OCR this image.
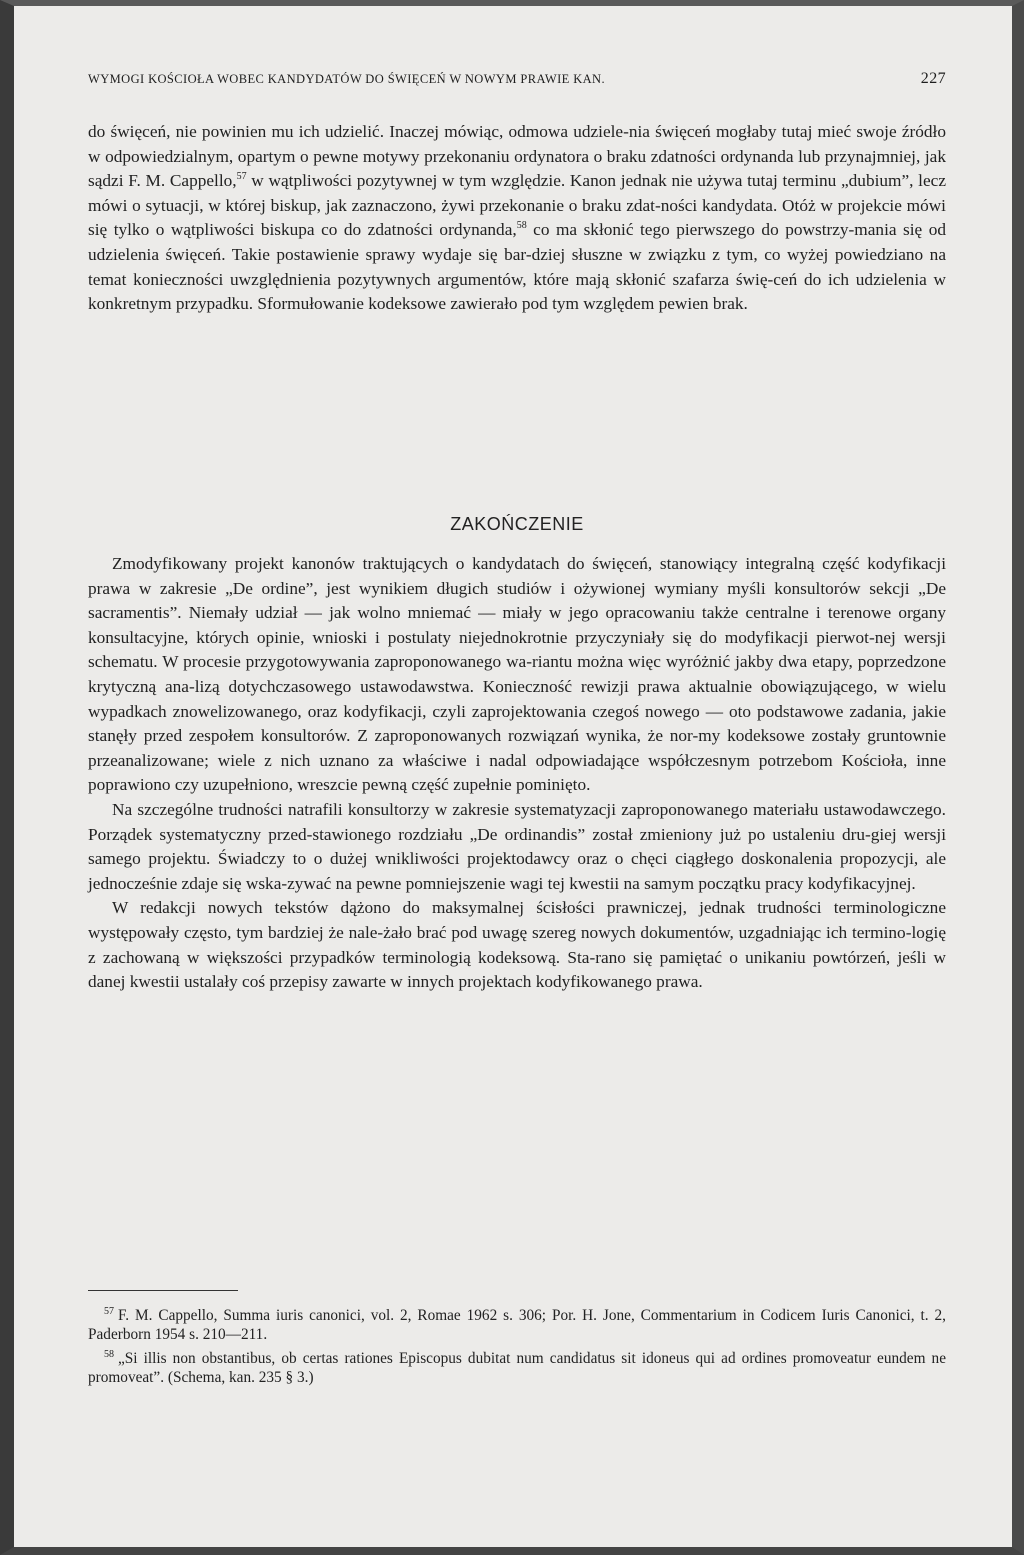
WYMOGI KOŚCIOŁA WOBEC KANDYDATÓW DO ŚWIĘCEŃ W NOWYM PRAWIE KAN.	227

do święceń, nie powinien mu ich udzielić. Inaczej mówiąc, odmowa udziele-nia święceń mogłaby tutaj mieć swoje źródło w odpowiedzialnym, opartym o pewne motywy przekonaniu ordynatora o braku zdatności ordynanda lub przynajmniej, jak sądzi F. M. Cappello,$^{57}$ w wątpliwości pozytywnej w tym względzie. Kanon jednak nie używa tutaj terminu „dubium”, lecz mówi o sytuacji, w której biskup, jak zaznaczono, żywi przekonanie o braku zdat-ności kandydata. Otóż w projekcie mówi się tylko o wątpliwości biskupa co do zdatności ordynanda,$^{58}$ co ma skłonić tego pierwszego do powstrzy-mania się od udzielenia święceń. Takie postawienie sprawy wydaje się bar-dziej słuszne w związku z tym, co wyżej powiedziano na temat konieczności uwzględnienia pozytywnych argumentów, które mają skłonić szafarza świę-ceń do ich udzielenia w konkretnym przypadku. Sformułowanie kodeksowe zawierało pod tym względem pewien brak.

ZAKOŃCZENIE

Zmodyfikowany projekt kanonów traktujących o kandydatach do święceń, stanowiący integralną część kodyfikacji prawa w zakresie „De ordine”, jest wynikiem długich studiów i ożywionej wymiany myśli konsultorów sekcji „De sacramentis”. Niemały udział — jak wolno mniemać — miały w jego opracowaniu także centralne i terenowe organy konsultacyjne, których opinie, wnioski i postulaty niejednokrotnie przyczyniały się do modyfikacji pierwot-nej wersji schematu. W procesie przygotowywania zaproponowanego wa-riantu można więc wyróżnić jakby dwa etapy, poprzedzone krytyczną ana-lizą dotychczasowego ustawodawstwa. Konieczność rewizji prawa aktualnie obowiązującego, w wielu wypadkach znowelizowanego, oraz kodyfikacji, czyli zaprojektowania czegoś nowego — oto podstawowe zadania, jakie stanęły przed zespołem konsultorów. Z zaproponowanych rozwiązań wynika, że nor-my kodeksowe zostały gruntownie przeanalizowane; wiele z nich uznano za właściwe i nadal odpowiadające współczesnym potrzebom Kościoła, inne poprawiono czy uzupełniono, wreszcie pewną część zupełnie pominięto.

Na szczególne trudności natrafili konsultorzy w zakresie systematyzacji zaproponowanego materiału ustawodawczego. Porządek systematyczny przed-stawionego rozdziału „De ordinandis” został zmieniony już po ustaleniu dru-giej wersji samego projektu. Świadczy to o dużej wnikliwości projektodawcy oraz o chęci ciągłego doskonalenia propozycji, ale jednocześnie zdaje się wska-zywać na pewne pomniejszenie wagi tej kwestii na samym początku pracy kodyfikacyjnej.

W redakcji nowych tekstów dążono do maksymalnej ścisłości prawniczej, jednak trudności terminologiczne występowały często, tym bardziej że nale-żało brać pod uwagę szereg nowych dokumentów, uzgadniając ich termino-logię z zachowaną w większości przypadków terminologią kodeksową. Sta-rano się pamiętać o unikaniu powtórzeń, jeśli w danej kwestii ustalały coś przepisy zawarte w innych projektach kodyfikowanego prawa.

$^{57}$ F. M. Cappello, Summa iuris canonici, vol. 2, Romae 1962 s. 306; Por. H. Jone, Commentarium in Codicem Iuris Canonici, t. 2, Paderborn 1954 s. 210—211.

$^{58}$ „Si illis non obstantibus, ob certas rationes Episcopus dubitat num candidatus sit idoneus qui ad ordines promoveatur eundem ne promoveat”. (Schema, kan. 235 § 3.)
